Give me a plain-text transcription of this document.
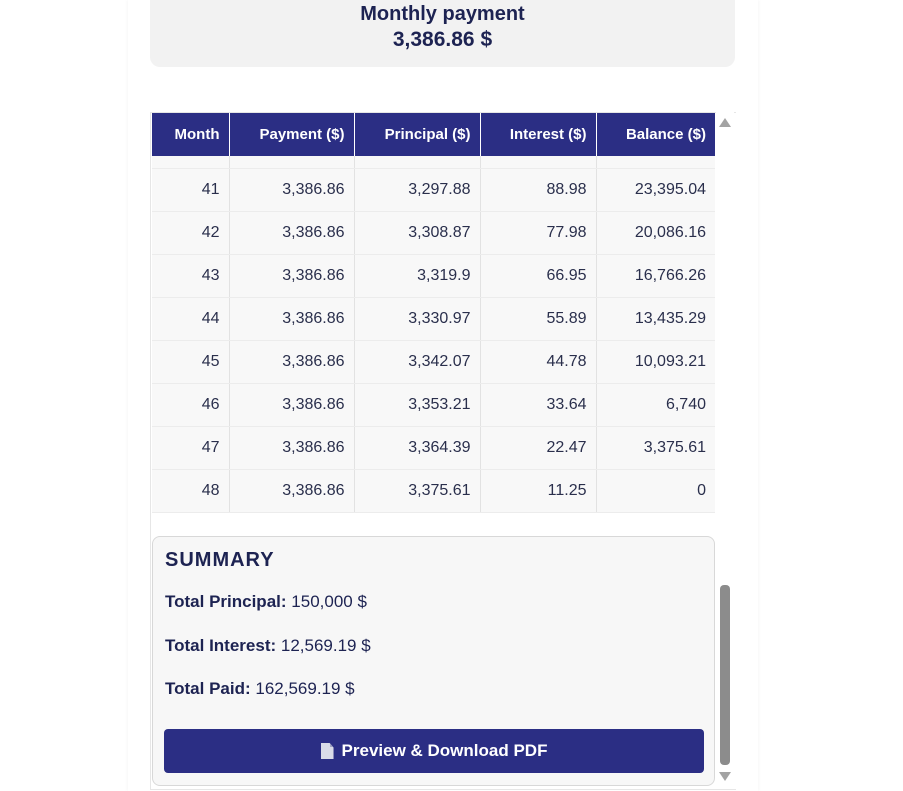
Monthly payment
3,386.86 $
Month	Payment ($)	Principal ($)	Interest ($)	Balance ($)

41	3,386.86	3,297.88	88.98	23,395.04
42	3,386.86	3,308.87	77.98	20,086.16
43	3,386.86	3,319.9	66.95	16,766.26
44	3,386.86	3,330.97	55.89	13,435.29
45	3,386.86	3,342.07	44.78	10,093.21
46	3,386.86	3,353.21	33.64	6,740
47	3,386.86	3,364.39	22.47	3,375.61
48	3,386.86	3,375.61	11.25	0
SUMMARY
Total Principal: 150,000 $
Total Interest: 12,569.19 $
Total Paid: 162,569.19 $
Preview & Download PDF
